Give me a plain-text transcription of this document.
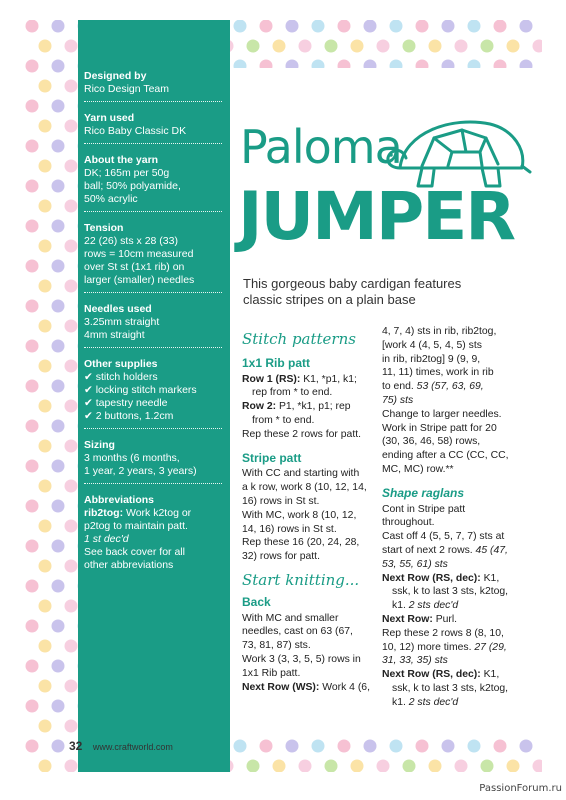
Designed by
Rico Design Team
Yarn used
Rico Baby Classic DK
About the yarn
DK; 165m per 50g
ball; 50% polyamide,
50% acrylic
Tension
22 (26) sts x 28 (33)
rows = 10cm measured
over St st (1x1 rib) on
larger (smaller) needles
Needles used
3.25mm straight
4mm straight
Other supplies
✔ stitch holders
✔ locking stitch markers
✔ tapestry needle
✔ 2 buttons, 1.2cm
Sizing
3 months (6 months,
1 year, 2 years, 3 years)
Abbreviations
rib2tog: Work k2tog or
p2tog to maintain patt.
1 st dec'd
See back cover for all
other abbreviations
Paloma
JUMPER
This gorgeous baby cardigan features classic stripes on a plain base
Stitch patterns
1x1 Rib patt
Row 1 (RS): K1, *p1, k1;
rep from * to end.
Row 2: P1, *k1, p1; rep
from * to end.
Rep these 2 rows for patt.
Stripe patt
With CC and starting with
a k row, work 8 (10, 12, 14,
16) rows in St st.
With MC, work 8 (10, 12,
14, 16) rows in St st.
Rep these 16 (20, 24, 28,
32) rows for patt.
Start knitting...
Back
With MC and smaller
needles, cast on 63 (67,
73, 81, 87) sts.
Work 3 (3, 3, 5, 5) rows in
1x1 Rib patt.
Next Row (WS): Work 4 (6,
4, 7, 4) sts in rib, rib2tog,
[work 4 (4, 5, 4, 5) sts
in rib, rib2tog] 9 (9, 9,
11, 11) times, work in rib
to end. 53 (57, 63, 69,
75) sts
Change to larger needles.
Work in Stripe patt for 20
(30, 36, 46, 58) rows,
ending after a CC (CC, CC,
MC, MC) row.**
Shape raglans
Cont in Stripe patt
throughout.
Cast off 4 (5, 5, 7, 7) sts at
start of next 2 rows. 45 (47,
53, 55, 61) sts
Next Row (RS, dec): K1,
ssk, k to last 3 sts, k2tog,
k1. 2 sts dec'd
Next Row: Purl.
Rep these 2 rows 8 (8, 10,
10, 12) more times. 27 (29,
31, 33, 35) sts
Next Row (RS, dec): K1,
ssk, k to last 3 sts, k2tog,
k1. 2 sts dec'd
32 www.craftworld.com
PassionForum.ru
